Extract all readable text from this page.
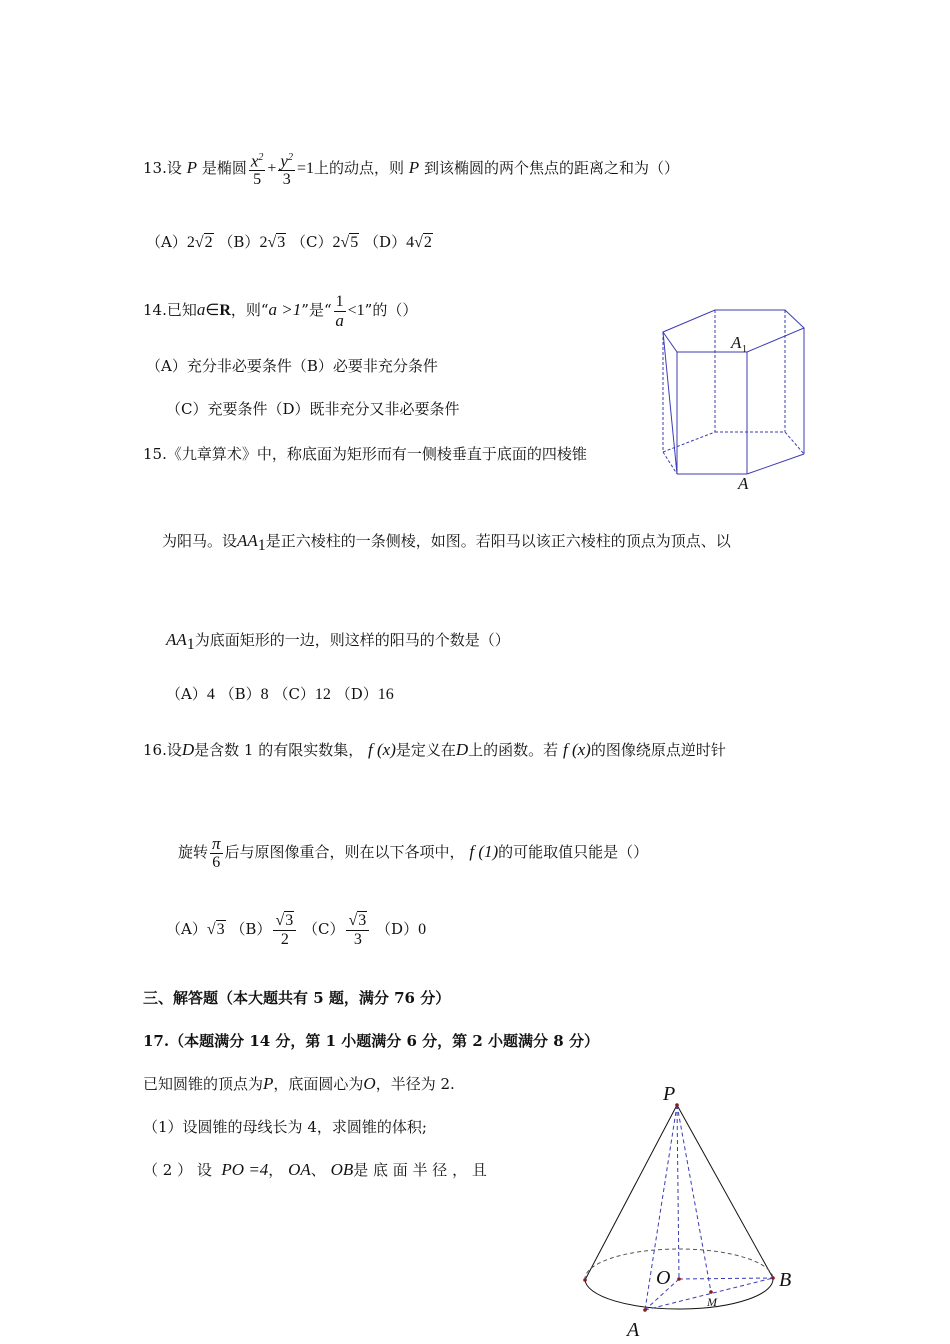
13.设 P 是椭圆 $\frac{x^2}{5} + \frac{y^2}{3} =1$上的动点，则 P 到该椭圆的两个焦点的距离之和为（）
（A）2√2 （B）2√3 （C）2√5 （D）4√2
14.已知a∈R，则“a >1”是“ $\frac{1}{a} <1$”的（）
（A）充分非必要条件（B）必要非充分条件
（C）充要条件（D）既非充分又非必要条件
A 1
A
15.《九章算术》中，称底面为矩形而有一侧棱垂直于底面的四棱锥
为阳马。设$AA_1$是正六棱柱的一条侧棱，如图。若阳马以该正六棱柱的顶点为顶点、以
$AA_1$为底面矩形的一边，则这样的阳马的个数是（）
（A）4 （B）8 （C）12 （D）16
16.设D是含数 1 的有限实数集， f (x)是定义在D上的函数。若 f (x)的图像绕原点逆时针
旋转 $\frac{\pi}{6}$ 后与原图像重合，则在以下各项中， f (1)的可能取值只能是（）
（A）√3 $(B) \frac{√3}{2} (C) \frac{√3}{3} (D)0$
三、解答题（本大题共有 5 题，满分 76 分）
17.（本题满分 14 分，第 1 小题满分 6 分，第 2 小题满分 8 分）
已知圆锥的顶点为P，底面圆心为O，半径为 2.
（1）设圆锥的母线长为 4，求圆锥的体积;
（ 2 ） 设 PO =4， OA、 OB是 底 面 半 径 ， 且
P
O	B
A
M
